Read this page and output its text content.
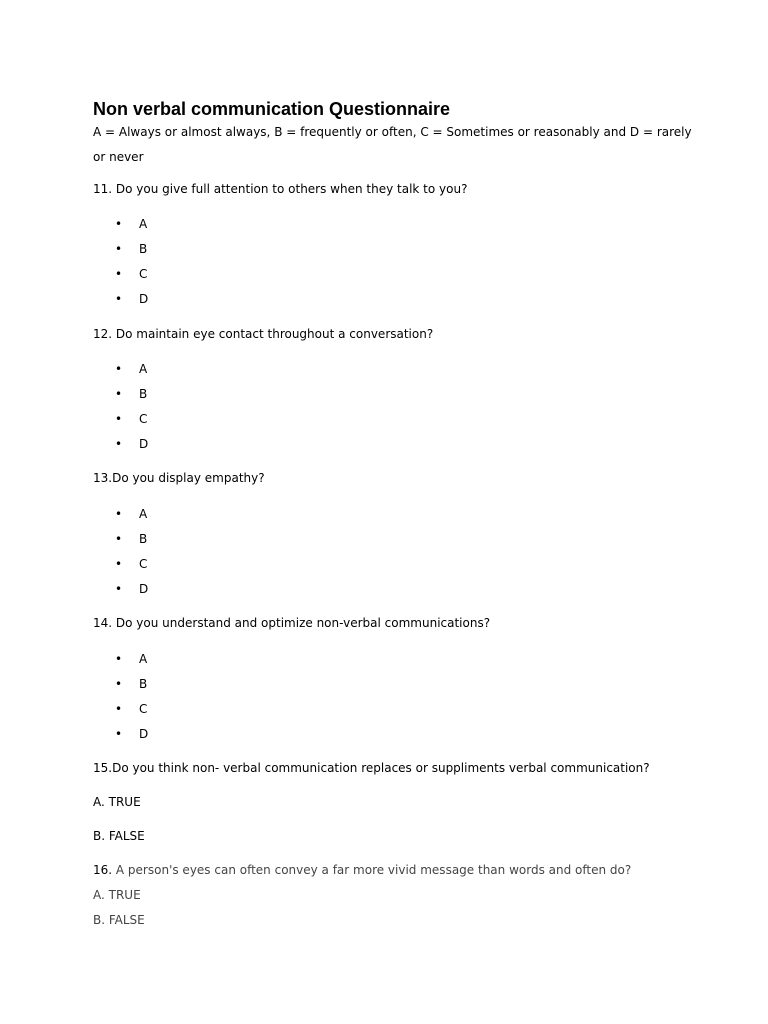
Non verbal communication Questionnaire

A = Always or almost always, B = frequently or often, C = Sometimes or reasonably and D = rarely or never

11. Do you give full attention to others when they talk to you?

• A
• B
• C
• D

12. Do maintain eye contact throughout a conversation?

• A
• B
• C
• D

13.Do you display empathy?

• A
• B
• C
• D

14. Do you understand and optimize non-verbal communications?

• A
• B
• C
• D

15.Do you think non- verbal communication replaces or suppliments verbal communication?

A. TRUE

B. FALSE

16. A person's eyes can often convey a far more vivid message than words and often do?

A. TRUE

B. FALSE
